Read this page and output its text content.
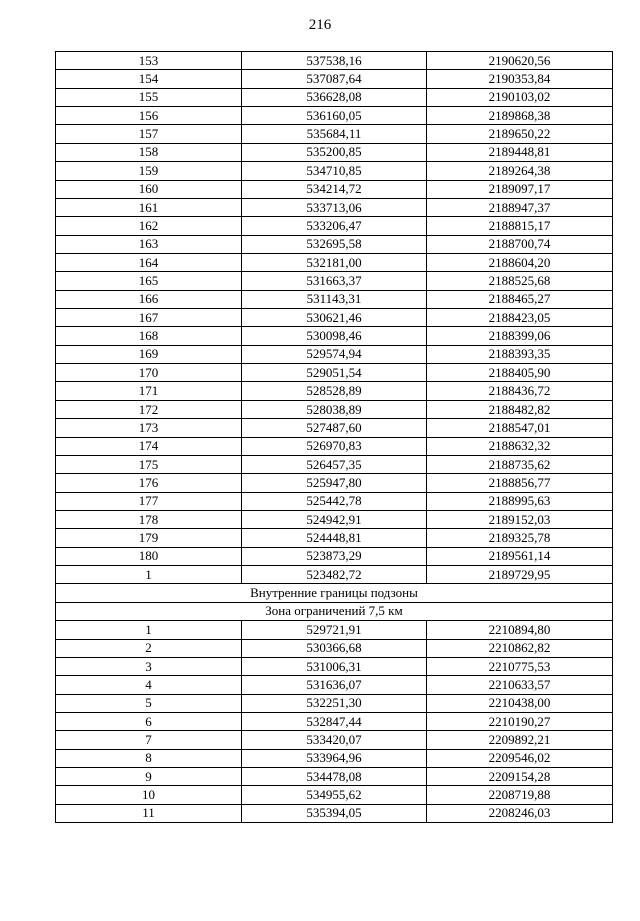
216
153	537538,16	2190620,56
154	537087,64	2190353,84
155	536628,08	2190103,02
156	536160,05	2189868,38
157	535684,11	2189650,22
158	535200,85	2189448,81
159	534710,85	2189264,38
160	534214,72	2189097,17
161	533713,06	2188947,37
162	533206,47	2188815,17
163	532695,58	2188700,74
164	532181,00	2188604,20
165	531663,37	2188525,68
166	531143,31	2188465,27
167	530621,46	2188423,05
168	530098,46	2188399,06
169	529574,94	2188393,35
170	529051,54	2188405,90
171	528528,89	2188436,72
172	528038,89	2188482,82
173	527487,60	2188547,01
174	526970,83	2188632,32
175	526457,35	2188735,62
176	525947,80	2188856,77
177	525442,78	2188995,63
178	524942,91	2189152,03
179	524448,81	2189325,78
180	523873,29	2189561,14
1	523482,72	2189729,95
Внутренние границы подзоны		
Зона ограничений 7,5 км		
1	529721,91	2210894,80
2	530366,68	2210862,82
3	531006,31	2210775,53
4	531636,07	2210633,57
5	532251,30	2210438,00
6	532847,44	2210190,27
7	533420,07	2209892,21
8	533964,96	2209546,02
9	534478,08	2209154,28
10	534955,62	2208719,88
11	535394,05	2208246,03
